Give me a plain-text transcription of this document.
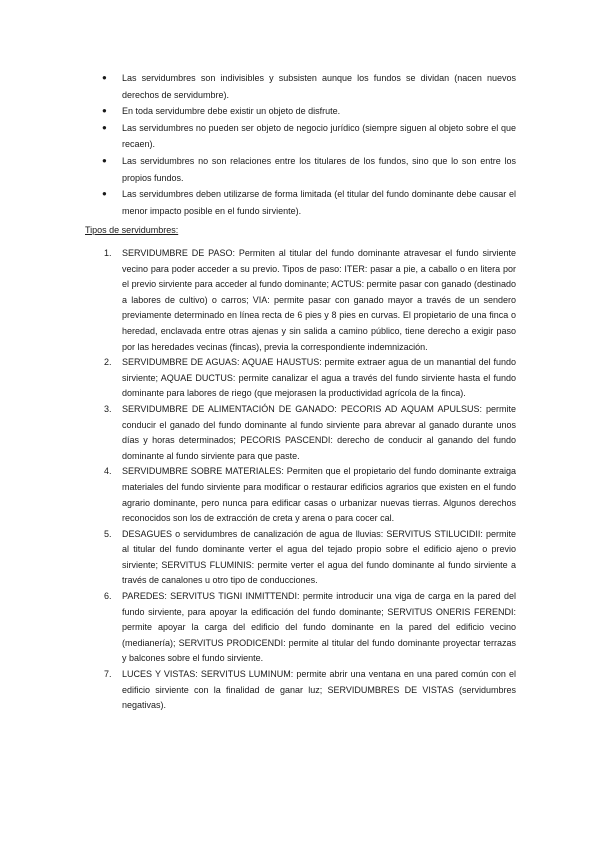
● Las servidumbres son indivisibles y subsisten aunque los fundos se dividan (nacen nuevos derechos de servidumbre).
● En toda servidumbre debe existir un objeto de disfrute.
● Las servidumbres no pueden ser objeto de negocio jurídico (siempre siguen al objeto sobre el que recaen).
● Las servidumbres no son relaciones entre los titulares de los fundos, sino que lo son entre los propios fundos.
● Las servidumbres deben utilizarse de forma limitada (el titular del fundo dominante debe causar el menor impacto posible en el fundo sirviente).
Tipos de servidumbres:
1. SERVIDUMBRE DE PASO: Permiten al titular del fundo dominante atravesar el fundo sirviente vecino para poder acceder a su previo. Tipos de paso: ITER: pasar a pie, a caballo o en litera por el previo sirviente para acceder al fundo dominante; ACTUS: permite pasar con ganado (destinado a labores de cultivo) o carros; VIA: permite pasar con ganado mayor a través de un sendero previamente determinado en línea recta de 6 pies y 8 pies en curvas. El propietario de una finca o heredad, enclavada entre otras ajenas y sin salida a camino público, tiene derecho a exigir paso por las heredades vecinas (fincas), previa la correspondiente indemnización.
2. SERVIDUMBRE DE AGUAS: AQUAE HAUSTUS: permite extraer agua de un manantial del fundo sirviente; AQUAE DUCTUS: permite canalizar el agua a través del fundo sirviente hasta el fundo dominante para labores de riego (que mejorasen la productividad agrícola de la finca).
3. SERVIDUMBRE DE ALIMENTACIÓN DE GANADO: PECORIS AD AQUAM APULSUS: permite conducir el ganado del fundo dominante al fundo sirviente para abrevar al ganado durante unos días y horas determinados; PECORIS PASCENDI: derecho de conducir al ganando del fundo dominante al fundo sirviente para que paste.
4. SERVIDUMBRE SOBRE MATERIALES: Permiten que el propietario del fundo dominante extraiga materiales del fundo sirviente para modificar o restaurar edificios agrarios que existen en el fundo agrario dominante, pero nunca para edificar casas o urbanizar nuevas tierras. Algunos derechos reconocidos son los de extracción de creta y arena o para cocer cal.
5. DESAGUES o servidumbres de canalización de agua de lluvias: SERVITUS STILUCIDII: permite al titular del fundo dominante verter el agua del tejado propio sobre el edificio ajeno o previo sirviente; SERVITUS FLUMINIS: permite verter el agua del fundo dominante al fundo sirviente a través de canalones u otro tipo de conducciones.
6. PAREDES: SERVITUS TIGNI INMITTENDI: permite introducir una viga de carga en la pared del fundo sirviente, para apoyar la edificación del fundo dominante; SERVITUS ONERIS FERENDI: permite apoyar la carga del edificio del fundo dominante en la pared del edificio vecino (medianería); SERVITUS PRODICENDI: permite al titular del fundo dominante proyectar terrazas y balcones sobre el fundo sirviente.
7. LUCES Y VISTAS: SERVITUS LUMINUM: permite abrir una ventana en una pared común con el edificio sirviente con la finalidad de ganar luz; SERVIDUMBRES DE VISTAS (servidumbres negativas).
